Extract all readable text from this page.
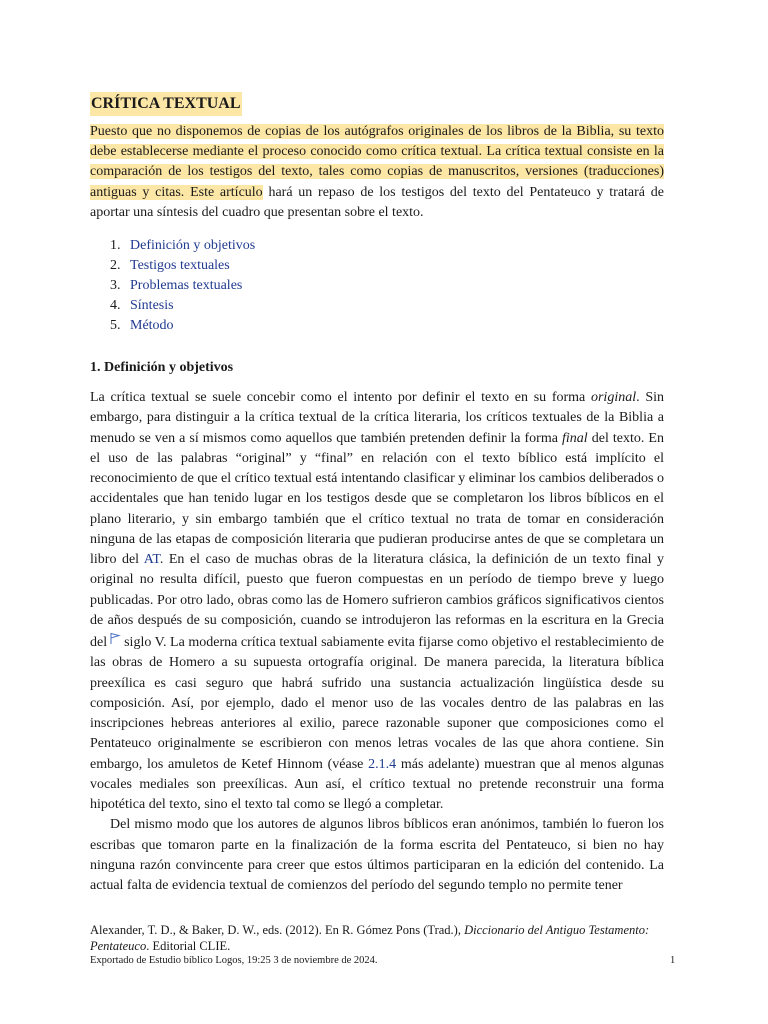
CRÍTICA TEXTUAL
Puesto que no disponemos de copias de los autógrafos originales de los libros de la Biblia, su texto debe establecerse mediante el proceso conocido como crítica textual. La crítica textual consiste en la comparación de los testigos del texto, tales como copias de manuscritos, versiones (traducciones) antiguas y citas. Este artículo hará un repaso de los testigos del texto del Pentateuco y tratará de aportar una síntesis del cuadro que presentan sobre el texto.
1. Definición y objetivos
2. Testigos textuales
3. Problemas textuales
4. Síntesis
5. Método
1. Definición y objetivos

La crítica textual se suele concebir como el intento por definir el texto en su forma original. Sin embargo, para distinguir a la crítica textual de la crítica literaria, los críticos textuales de la Biblia a menudo se ven a sí mismos como aquellos que también pretenden definir la forma final del texto. En el uso de las palabras “original” y “final” en relación con el texto bíblico está implícito el reconocimiento de que el crítico textual está intentando clasificar y eliminar los cambios deliberados o accidentales que han tenido lugar en los testigos desde que se completaron los libros bíblicos en el plano literario, y sin embargo también que el crítico textual no trata de tomar en consideración ninguna de las etapas de composición literaria que pudieran producirse antes de que se completara un libro del AT. En el caso de muchas obras de la literatura clásica, la definición de un texto final y original no resulta difícil, puesto que fueron compuestas en un período de tiempo breve y luego publicadas. Por otro lado, obras como las de Homero sufrieron cambios gráficos significativos cientos de años después de su composición, cuando se introdujeron las reformas en la escritura en la Grecia del siglo V. La moderna crítica textual sabiamente evita fijarse como objetivo el restablecimiento de las obras de Homero a su supuesta ortografía original. De manera parecida, la literatura bíblica preexílica es casi seguro que habrá sufrido una sustancia actualización lingüística desde su composición. Así, por ejemplo, dado el menor uso de las vocales dentro de las palabras en las inscripciones hebreas anteriores al exilio, parece razonable suponer que composiciones como el Pentateuco originalmente se escribieron con menos letras vocales de las que ahora contiene. Sin embargo, los amuletos de Ketef Hinnom (véase 2.1.4 más adelante) muestran que al menos algunas vocales mediales son preexílicas. Aun así, el crítico textual no pretende reconstruir una forma hipotética del texto, sino el texto tal como se llegó a completar.

Del mismo modo que los autores de algunos libros bíblicos eran anónimos, también lo fueron los escribas que tomaron parte en la finalización de la forma escrita del Pentateuco, si bien no hay ninguna razón convincente para creer que estos últimos participaran en la edición del contenido. La actual falta de evidencia textual de comienzos del período del segundo templo no permite tener

Alexander, T. D., & Baker, D. W., eds. (2012). En R. Gómez Pons (Trad.), Diccionario del Antiguo Testamento: Pentateuco. Editorial CLIE.
Exportado de Estudio bíblico Logos, 19:25 3 de noviembre de 2024.	1
